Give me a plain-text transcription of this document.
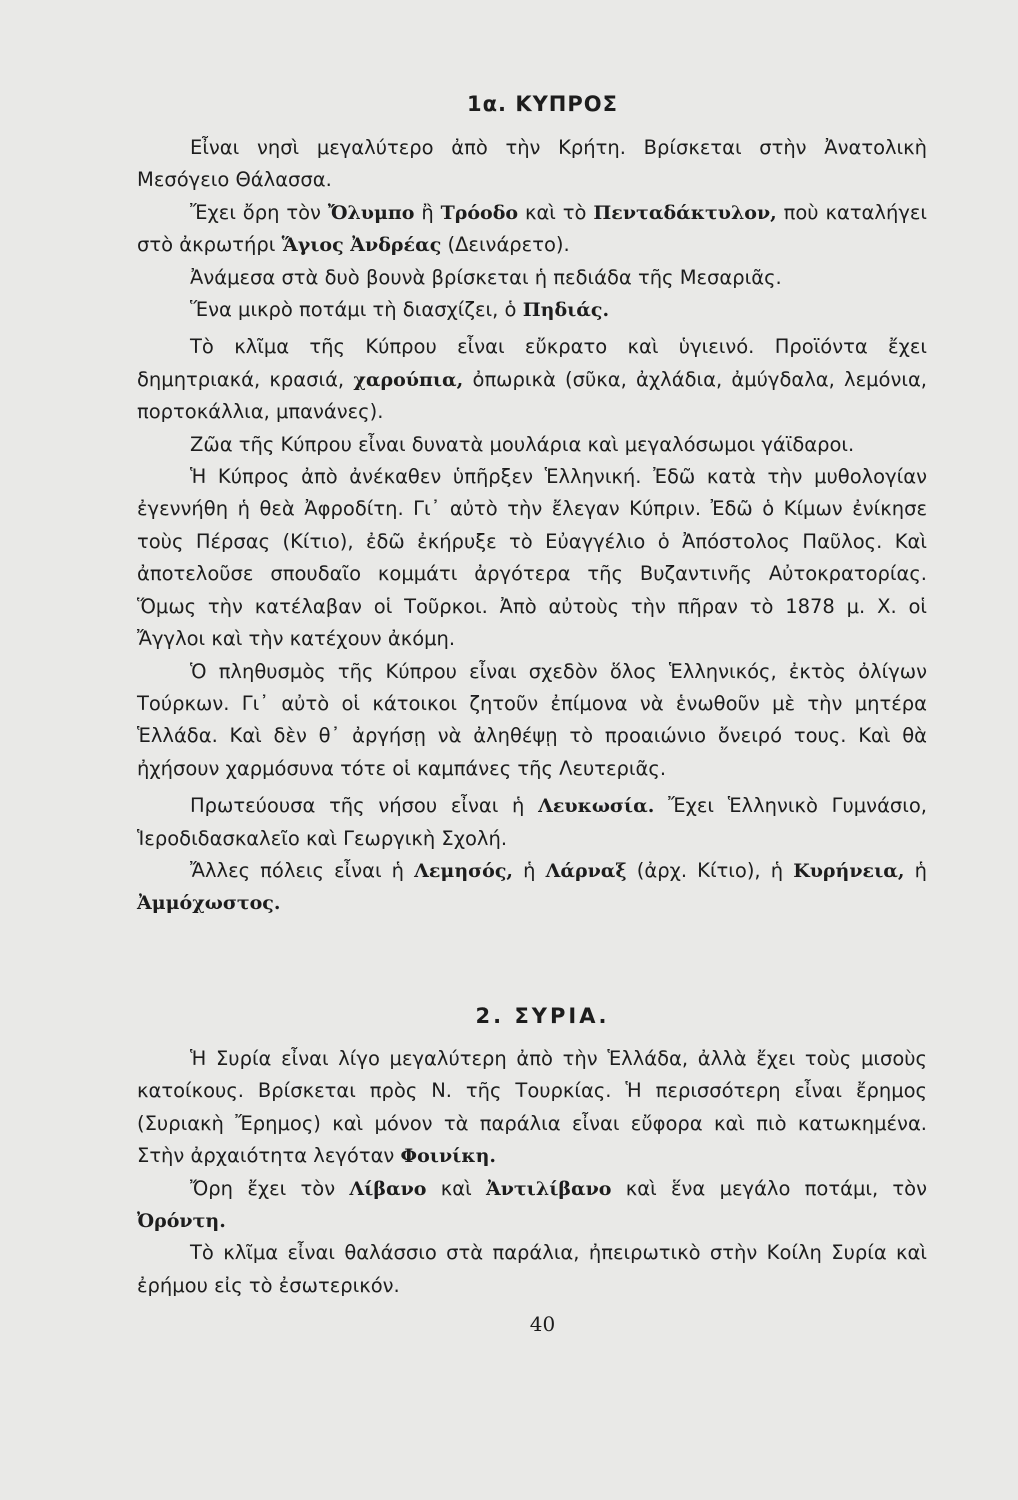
1α. ΚΥΠΡΟΣ

Εἶναι νησὶ μεγαλύτερο ἀπὸ τὴν Κρήτη. Βρίσκεται στὴν Ἀνατολικὴ Μεσόγειο Θάλασσα.

Ἔχει ὄρη τὸν Ὄλυμπο ἢ Τρόοδο καὶ τὸ Πενταδάκτυλον, ποὺ καταλήγει στὸ ἀκρωτήρι Ἅγιος Ἀνδρέας (Δεινάρετο).

Ἀνάμεσα στὰ δυὸ βουνὰ βρίσκεται ἡ πεδιάδα τῆς Μεσαριᾶς.

Ἕνα μικρὸ ποτάμι τὴ διασχίζει, ὁ Πηδιάς.

Τὸ κλῖμα τῆς Κύπρου εἶναι εὔκρατο καὶ ὑγιεινό. Προϊόντα ἔχει δημητριακά, κρασιά, χαρούπια, ὀπωρικὰ (σῦκα, ἀχλάδια, ἀμύγδαλα, λεμόνια, πορτοκάλλια, μπανάνες).

Ζῶα τῆς Κύπρου εἶναι δυνατὰ μουλάρια καὶ μεγαλόσωμοι γάϊδαροι.

Ἡ Κύπρος ἀπὸ ἀνέκαθεν ὑπῆρξεν Ἑλληνική. Ἐδῶ κατὰ τὴν μυθολογίαν ἐγεννήθη ἡ θεὰ Ἀφροδίτη. Γι᾽ αὐτὸ τὴν ἔλεγαν Κύπριν. Ἐδῶ ὁ Κίμων ἐνίκησε τοὺς Πέρσας (Κίτιο), ἐδῶ ἐκήρυξε τὸ Εὐαγγέλιο ὁ Ἀπόστολος Παῦλος. Καὶ ἀποτελοῦσε σπουδαῖο κομμάτι ἀργότερα τῆς Βυζαντινῆς Αὐτοκρατορίας. Ὅμως τὴν κατέλαβαν οἱ Τοῦρκοι. Ἀπὸ αὐτοὺς τὴν πῆραν τὸ 1878 μ. Χ. οἱ Ἄγγλοι καὶ τὴν κατέχουν ἀκόμη.

Ὁ πληθυσμὸς τῆς Κύπρου εἶναι σχεδὸν ὅλος Ἑλληνικός, ἐκτὸς ὀλίγων Τούρκων. Γι᾽ αὐτὸ οἱ κάτοικοι ζητοῦν ἐπίμονα νὰ ἑνωθοῦν μὲ τὴν μητέρα Ἑλλάδα. Καὶ δὲν θ᾽ ἀργήσῃ νὰ ἀληθέψῃ τὸ προαιώνιο ὄνειρό τους. Καὶ θὰ ἠχήσουν χαρμόσυνα τότε οἱ καμπάνες τῆς Λευτεριᾶς.

Πρωτεύουσα τῆς νήσου εἶναι ἡ Λευκωσία. Ἔχει Ἑλληνικὸ Γυμνάσιο, Ἱεροδιδασκαλεῖο καὶ Γεωργικὴ Σχολή.

Ἄλλες πόλεις εἶναι ἡ Λεμησός, ἡ Λάρναξ (ἀρχ. Κίτιο), ἡ Κυρήνεια, ἡ Ἀμμόχωστος.

2. ΣΥΡΙΑ.

Ἡ Συρία εἶναι λίγο μεγαλύτερη ἀπὸ τὴν Ἑλλάδα, ἀλλὰ ἔχει τοὺς μισοὺς κατοίκους. Βρίσκεται πρὸς Ν. τῆς Τουρκίας. Ἡ περισσότερη εἶναι ἔρημος (Συριακὴ Ἔρημος) καὶ μόνον τὰ παράλια εἶναι εὔφορα καὶ πιὸ κατωκημένα. Στὴν ἀρχαιότητα λεγόταν Φοινίκη.

Ὄρη ἔχει τὸν Λίβανο καὶ Ἀντιλίβανο καὶ ἕνα μεγάλο ποτάμι, τὸν Ὀρόντη.

Τὸ κλῖμα εἶναι θαλάσσιο στὰ παράλια, ἠπειρωτικὸ στὴν Κοίλη Συρία καὶ ἐρήμου εἰς τὸ ἐσωτερικόν.

40
